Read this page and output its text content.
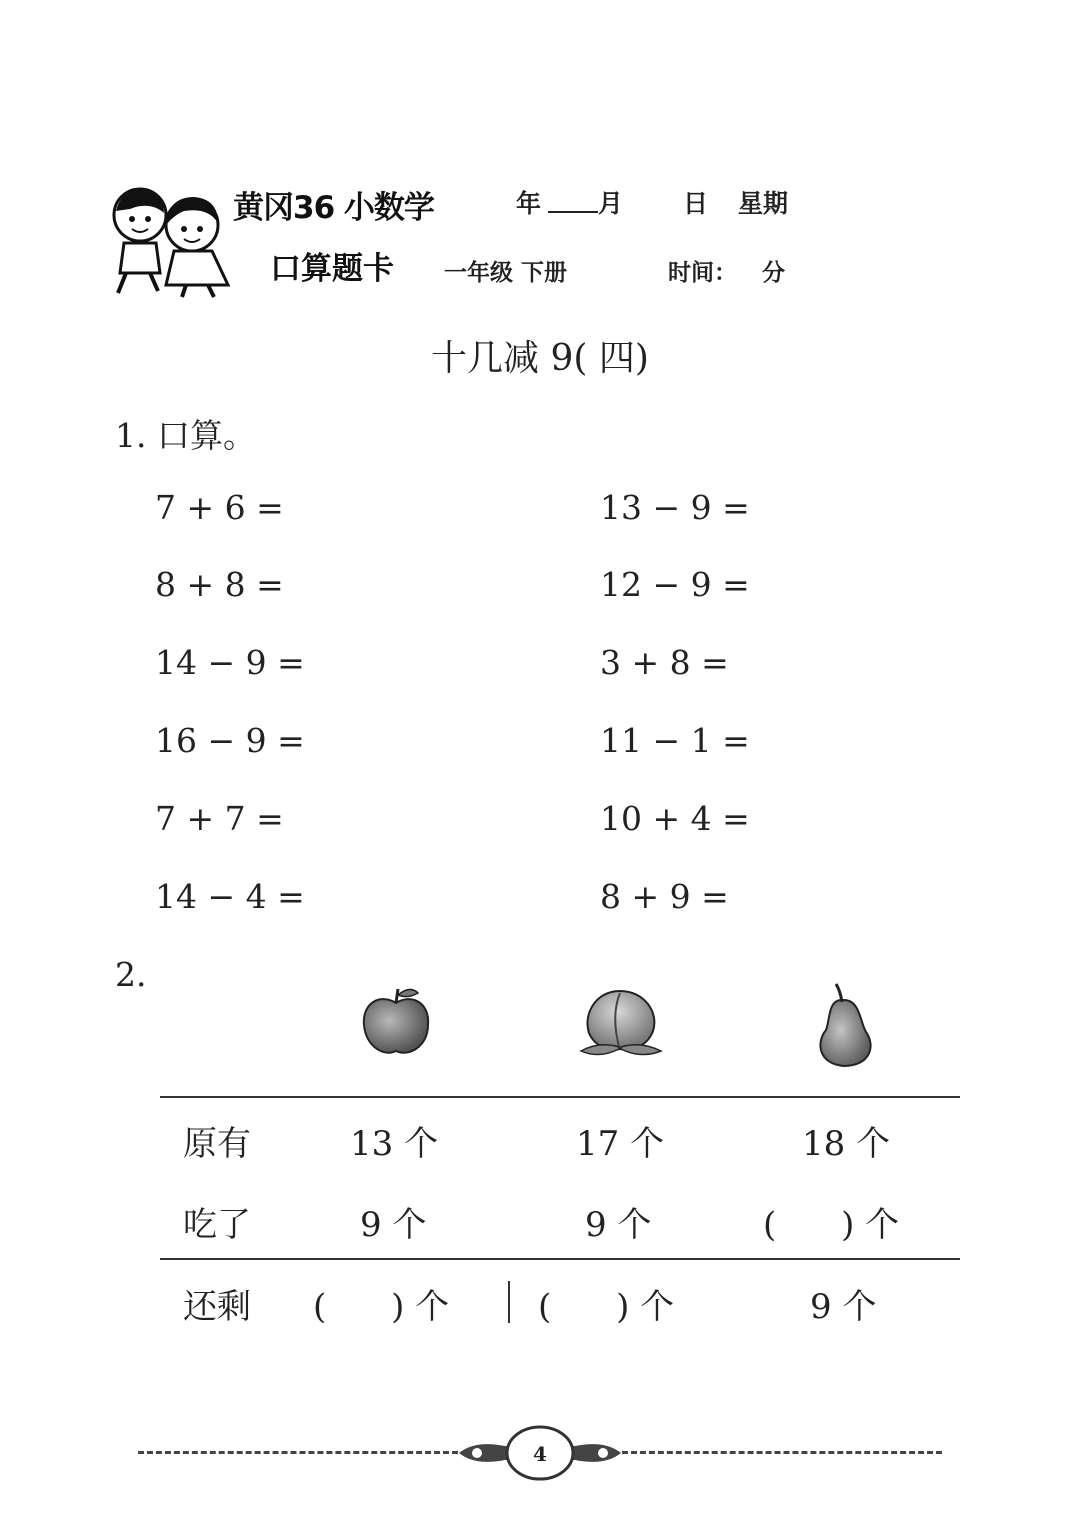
黄冈36 小数学
口算题卡
年 月 日 星期
一年级 下册	时间： 分
十几减 9( 四)
1. 口算。
7 + 6 =
8 + 8 =
14 − 9 =
16 − 9 =
7 + 7 =
14 − 4 =
13 − 9 =
12 − 9 =
3 + 8 =
11 − 1 =
10 + 4 =
8 + 9 =
2.
原有	13 个	17 个	18 个
吃了	9 个	9 个	(      ) 个
还剩 (      ) 个	(      ) 个	9 个
4
